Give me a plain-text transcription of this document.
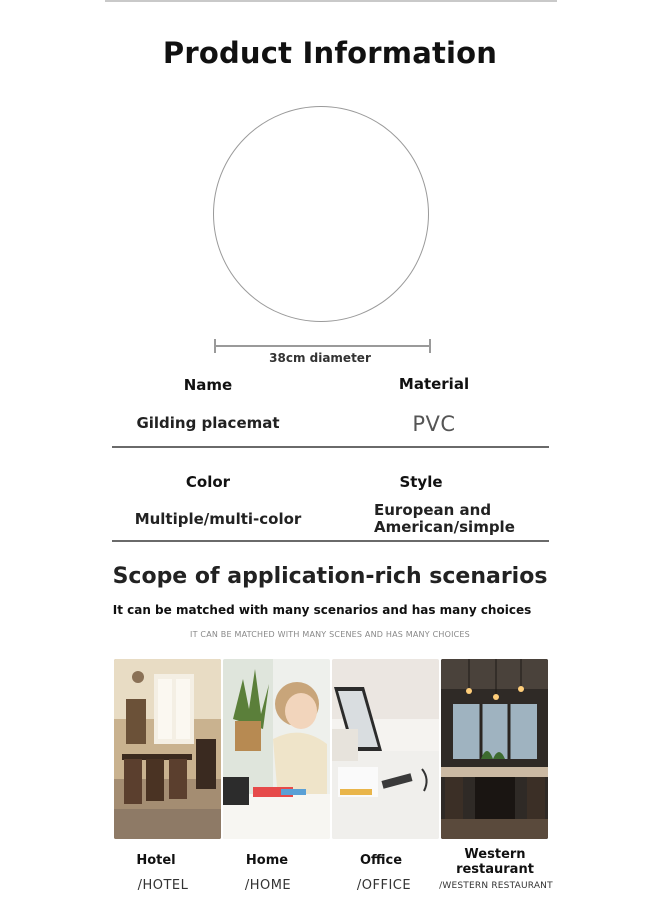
Product Information
38cm diameter
Name	Material
Gilding placemat	PVC
Color	Style
Multiple/multi-color	European and
American/simple
Scope of application-rich scenarios
It can be matched with many scenarios and has many choices
IT CAN BE MATCHED WITH MANY SCENES AND HAS MANY CHOICES
Hotel	Home	Office	Western
restaurant
/HOTEL	/HOME	/OFFICE	/WESTERN RESTAURANT
